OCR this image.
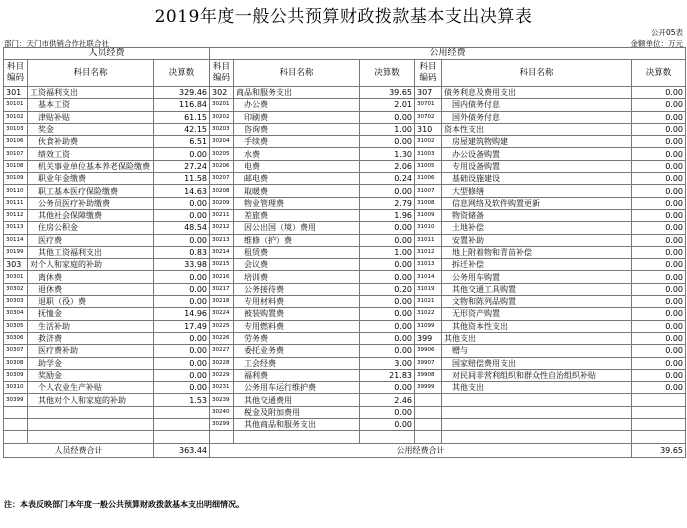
2019年度一般公共预算财政拨款基本支出决算表
公开05表
部门：天门市供销合作社联合社	金额单位：万元
人员经费			公用经费					
科目编码	科目名称	决算数	科目编码	科目名称	决算数	科目编码	科目名称	决算数
301	工资福利支出	329.46	302	商品和服务支出	39.65	307	债务利息及费用支出	0.00
30101	基本工资	116.84	30201	办公费	2.01	30701	国内债务付息	0.00
30102	津贴补贴	61.15	30202	印刷费	0.00	30702	国外债务付息	0.00
30103	奖金	42.15	30203	咨询费	1.00	310	资本性支出	0.00
30106	伙食补助费	6.51	30204	手续费	0.00	31002	房屋建筑物购建	0.00
30107	绩效工资	0.00	30205	水费	1.30	31003	办公设备购置	0.00
30108	机关事业单位基本养老保险缴费	27.24	30206	电费	2.06	31005	专用设备购置	0.00
30109	职业年金缴费	11.58	30207	邮电费	0.24	31006	基础设施建设	0.00
30110	职工基本医疗保险缴费	14.63	30208	取暖费	0.00	31007	大型修缮	0.00
30111	公务员医疗补助缴费	0.00	30209	物业管理费	2.79	31008	信息网络及软件购置更新	0.00
30112	其他社会保障缴费	0.00	30211	差旅费	1.96	31009	物资储备	0.00
30113	住房公积金	48.54	30212	因公出国（境）费用	0.00	31010	土地补偿	0.00
30114	医疗费	0.00	30213	维修（护）费	0.00	31011	安置补助	0.00
30199	其他工资福利支出	0.83	30214	租赁费	1.00	31012	地上附着物和青苗补偿	0.00
303	对个人和家庭的补助	33.98	30215	会议费	0.00	31013	拆迁补偿	0.00
30301	离休费	0.00	30216	培训费	0.00	31014	公务用车购置	0.00
30302	退休费	0.00	30217	公务接待费	0.20	31019	其他交通工具购置	0.00
30303	退职（役）费	0.00	30218	专用材料费	0.00	31021	文物和陈列品购置	0.00
30304	抚恤金	14.96	30224	被装购置费	0.00	31022	无形资产购置	0.00
30305	生活补助	17.49	30225	专用燃料费	0.00	31099	其他资本性支出	0.00
30306	救济费	0.00	30226	劳务费	0.00	399	其他支出	0.00
30307	医疗费补助	0.00	30227	委托业务费	0.00	39906	赠与	0.00
30308	助学金	0.00	30228	工会经费	3.00	39907	国家赔偿费用支出	0.00
30309	奖励金	0.00	30229	福利费	21.83	39908	对民间非营利组织和群众性自治组织补贴	0.00
30310	个人农业生产补贴	0.00	30231	公务用车运行维护费	0.00	39999	其他支出	0.00
30399	其他对个人和家庭的补助	1.53	30239	其他交通费用	2.46			
			30240	税金及附加费用	0.00			
			30299	其他商品和服务支出	0.00			

人员经费合计		363.44	公用经费合计					39.65
注：本表反映部门本年度一般公共预算财政拨款基本支出明细情况。
